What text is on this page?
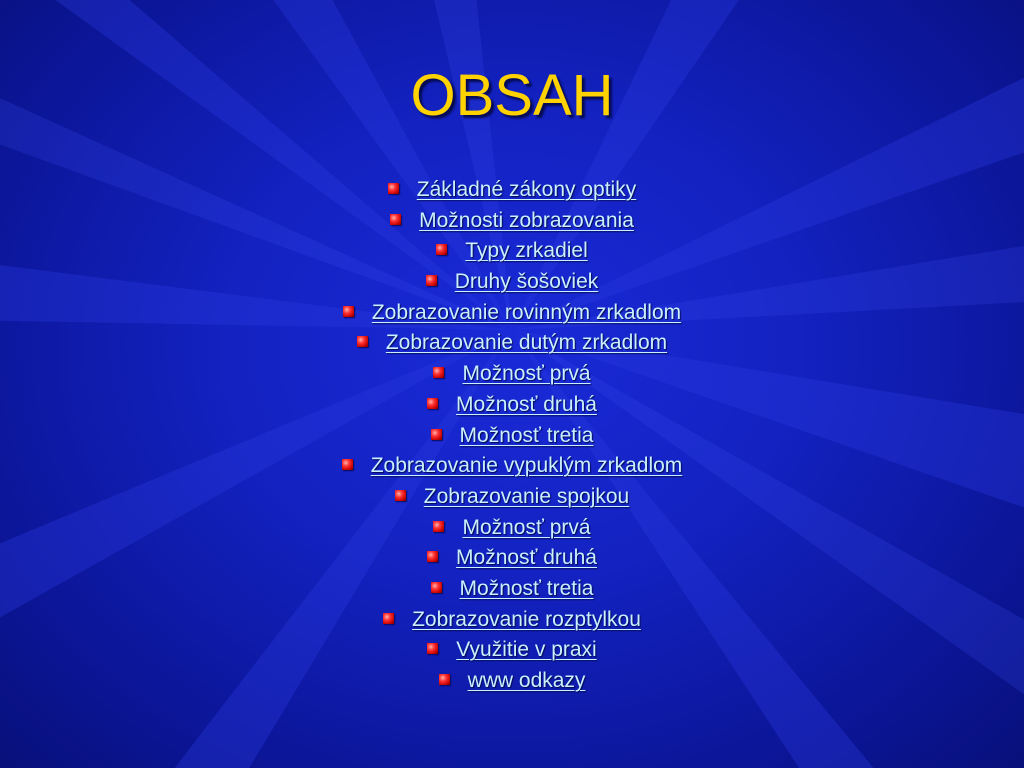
OBSAH
Základné zákony optiky
Možnosti zobrazovania
Typy zrkadiel
Druhy šošoviek
Zobrazovanie rovinným zrkadlom
Zobrazovanie dutým zrkadlom
Možnosť prvá
Možnosť druhá
Možnosť tretia
Zobrazovanie vypuklým zrkadlom
Zobrazovanie spojkou
Možnosť prvá
Možnosť druhá
Možnosť tretia
Zobrazovanie rozptylkou
Využitie v praxi
www odkazy
